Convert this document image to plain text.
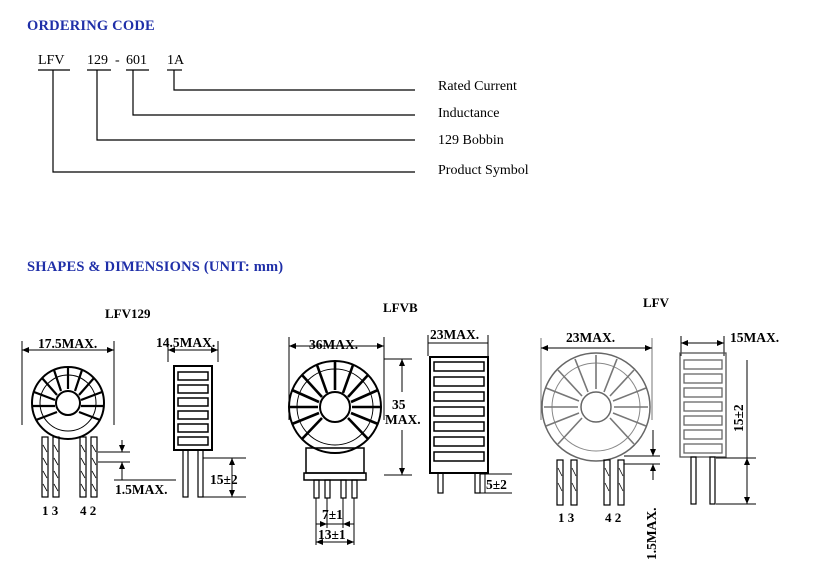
ORDERING CODE
LFV 129 - 601 1A
Rated Current
Inductance
129 Bobbin
Product Symbol
LFV129
17.5MAX.
1 3 4 2
1.5MAX.
14.5MAX.
15±2
LFVB
36MAX.
35
MAX.
7±1
13±1
23MAX.
5±2
LFV
23MAX.
1 3 4 2 1.5MAX.
15MAX.
15±2
SHAPES & DIMENSIONS (UNIT: mm)
